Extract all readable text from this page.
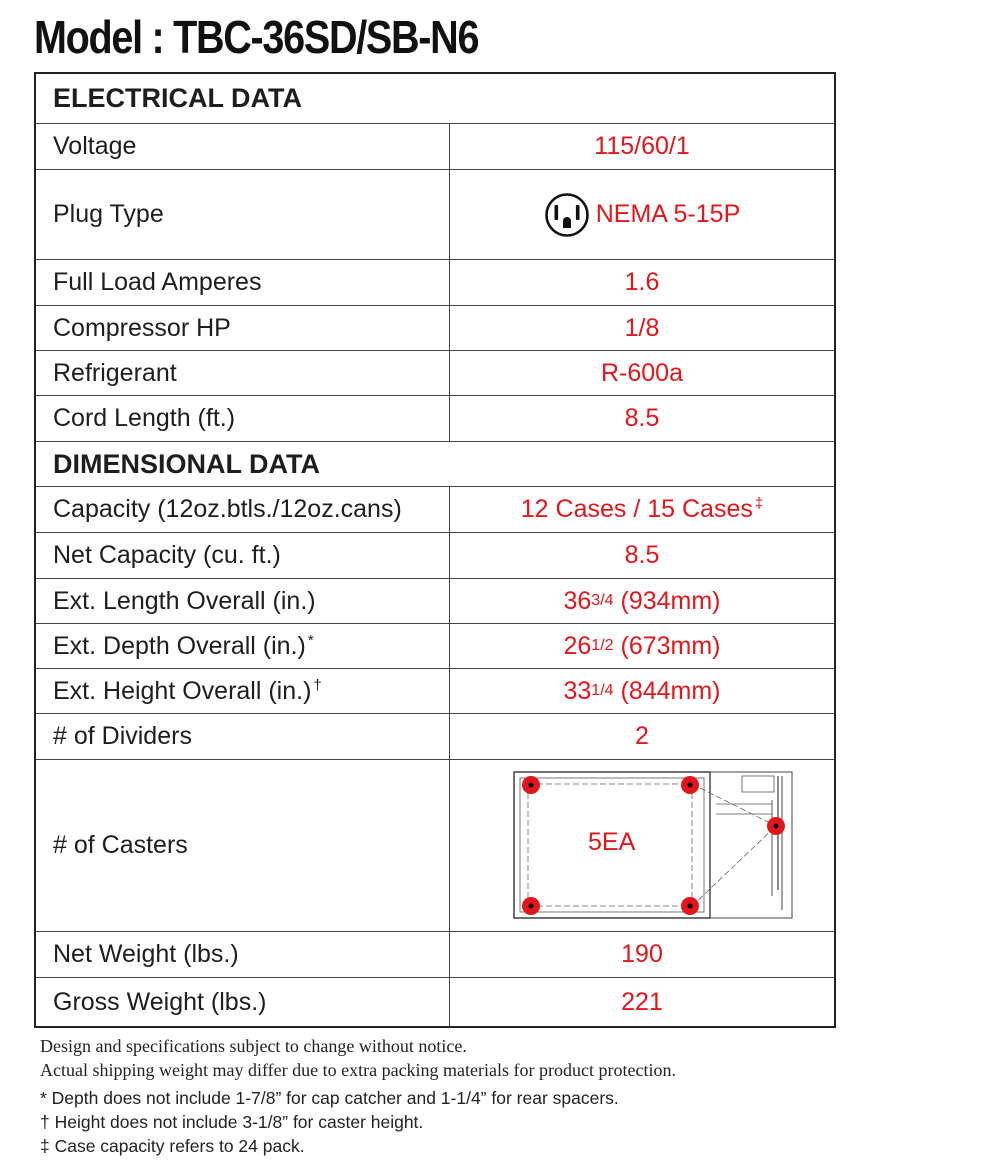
Model : TBC-36SD/SB-N6
ELECTRICAL DATA
Voltage	115/60/1
Plug Type	NEMA 5-15P
Full Load Amperes	1.6
Compressor HP	1/8
Refrigerant	R-600a
Cord Length (ft.)	8.5
DIMENSIONAL DATA
Capacity (12oz.btls./12oz.cans)	12 Cases / 15 Cases ‡
Net Capacity (cu. ft.)	8.5
Ext. Length Overall (in.)	36 3/4 (934mm)
Ext. Depth Overall (in.) *	26 1/2 (673mm)
Ext. Height Overall (in.) †	33 1/4 (844mm)
# of Dividers	2
# of Casters	5EA
Net Weight (lbs.)	190
Gross Weight (lbs.)	221
Design and specifications subject to change without notice.
Actual shipping weight may differ due to extra packing materials for product protection.
* Depth does not include 1-7/8” for cap catcher and 1-1/4” for rear spacers.
† Height does not include 3-1/8” for caster height.
‡ Case capacity refers to 24 pack.
